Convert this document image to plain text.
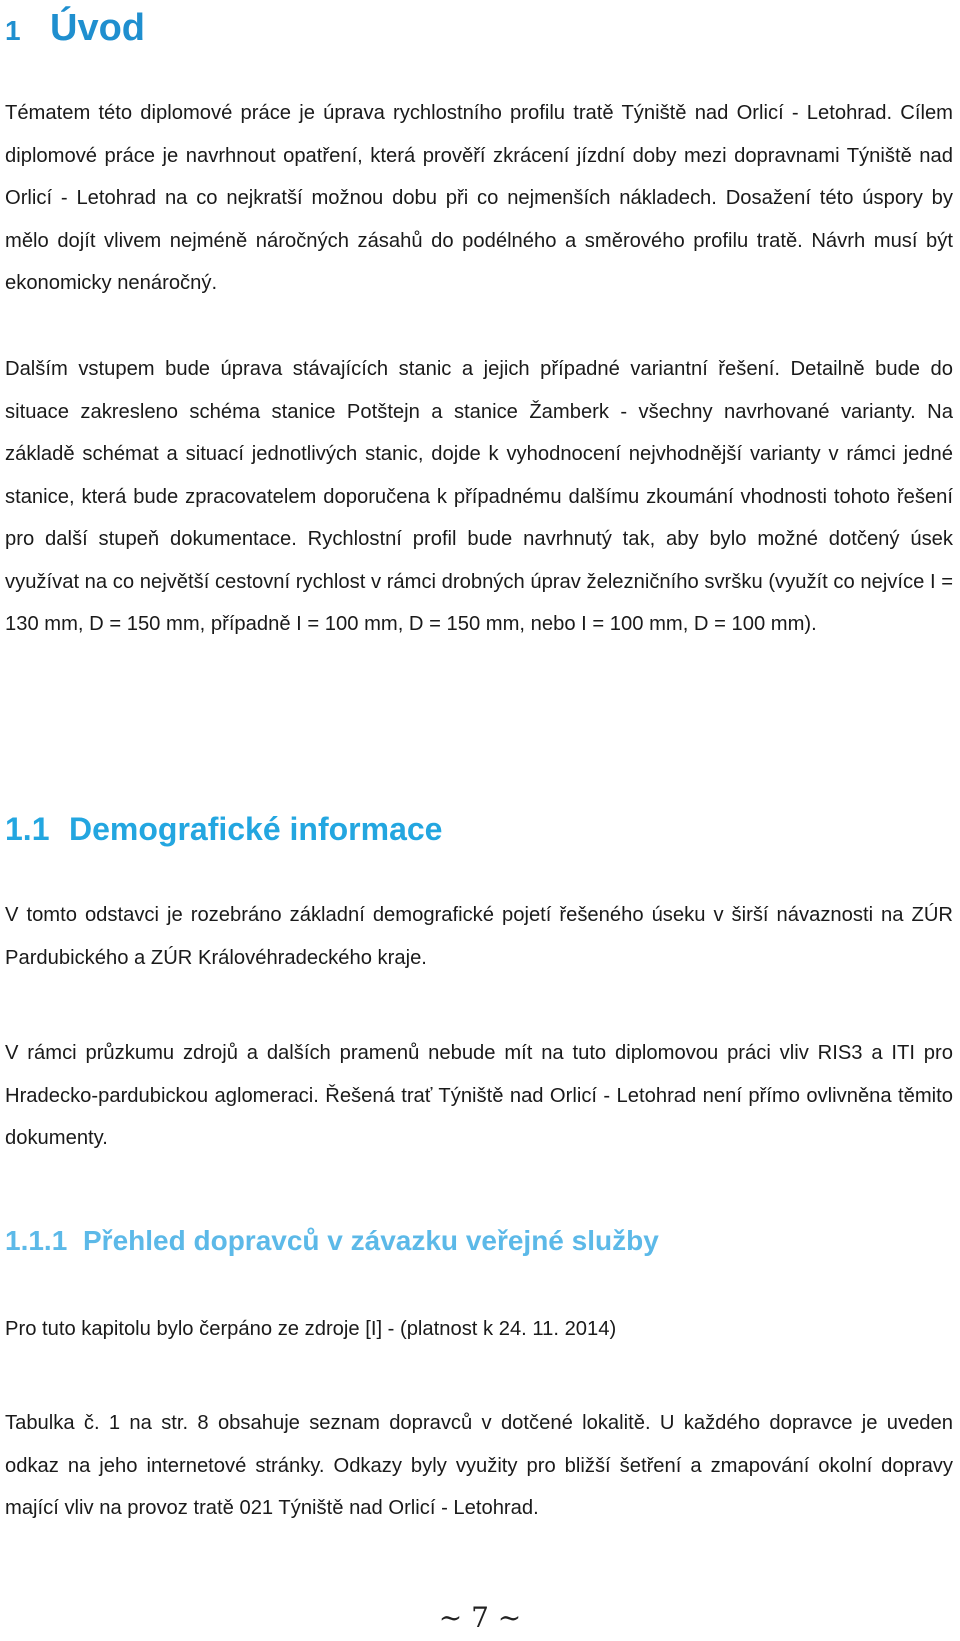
1 Úvod

Tématem této diplomové práce je úprava rychlostního profilu tratě Týniště nad Orlicí - Letohrad. Cílem diplomové práce je navrhnout opatření, která prověří zkrácení jízdní doby mezi dopravnami Týniště nad Orlicí - Letohrad na co nejkratší možnou dobu při co nejmenších nákladech. Dosažení této úspory by mělo dojít vlivem nejméně náročných zásahů do podélného a směrového profilu tratě. Návrh musí být ekonomicky nenáročný.

Dalším vstupem bude úprava stávajících stanic a jejich případné variantní řešení. Detailně bude do situace zakresleno schéma stanice Potštejn a stanice Žamberk - všechny navrhované varianty. Na základě schémat a situací jednotlivých stanic, dojde k vyhodnocení nejvhodnější varianty v rámci jedné stanice, která bude zpracovatelem doporučena k případnému dalšímu zkoumání vhodnosti tohoto řešení pro další stupeň dokumentace. Rychlostní profil bude navrhnutý tak, aby bylo možné dotčený úsek využívat na co největší cestovní rychlost v rámci drobných úprav železničního svršku (využít co nejvíce I = 130 mm, D = 150 mm, případně I = 100 mm, D = 150 mm, nebo I = 100 mm, D = 100 mm).

1.1 Demografické informace

V tomto odstavci je rozebráno základní demografické pojetí řešeného úseku v širší návaznosti na ZÚR Pardubického a ZÚR Královéhradeckého kraje.

V rámci průzkumu zdrojů a dalších pramenů nebude mít na tuto diplomovou práci vliv RIS3 a ITI pro Hradecko-pardubickou aglomeraci. Řešená trať Týniště nad Orlicí - Letohrad není přímo ovlivněna těmito dokumenty.

1.1.1 Přehled dopravců v závazku veřejné služby

Pro tuto kapitolu bylo čerpáno ze zdroje [I] - (platnost k 24. 11. 2014)

Tabulka č. 1 na str. 8 obsahuje seznam dopravců v dotčené lokalitě. U každého dopravce je uveden odkaz na jeho internetové stránky. Odkazy byly využity pro bližší šetření a zmapování okolní dopravy mající vliv na provoz tratě 021 Týniště nad Orlicí - Letohrad.

~ 7 ~
